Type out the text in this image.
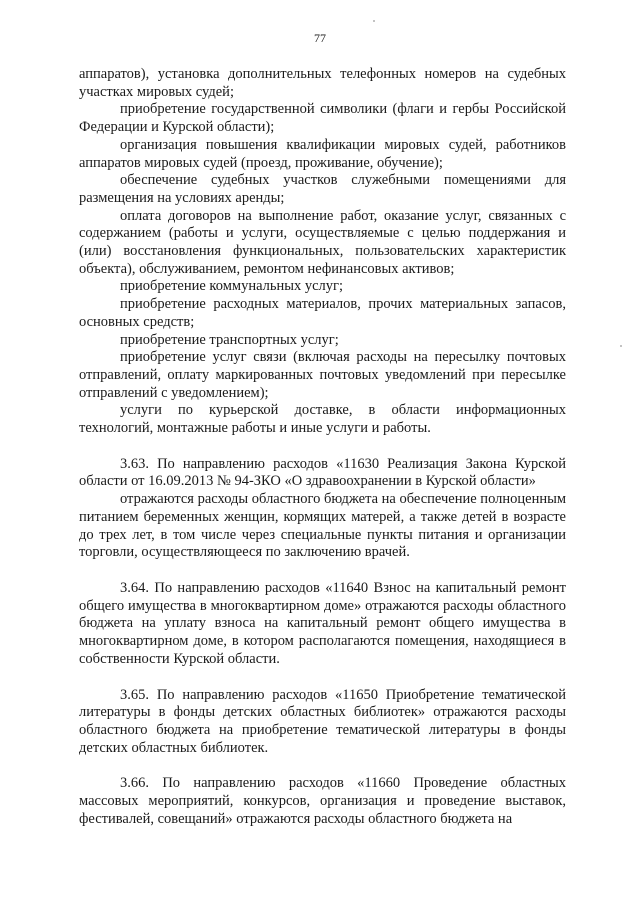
77

аппаратов), установка дополнительных телефонных номеров на судебных участках мировых судей;

приобретение государственной символики (флаги и гербы Российской Федерации и Курской области);

организация повышения квалификации мировых судей, работников аппаратов мировых судей (проезд, проживание, обучение);

обеспечение судебных участков служебными помещениями для размещения на условиях аренды;

оплата договоров на выполнение работ, оказание услуг, связанных с содержанием (работы и услуги, осуществляемые с целью поддержания и (или) восстановления функциональных, пользовательских характеристик объекта), обслуживанием, ремонтом нефинансовых активов;

приобретение коммунальных услуг;

приобретение расходных материалов, прочих материальных запасов, основных средств;

приобретение транспортных услуг;

приобретение услуг связи (включая расходы на пересылку почтовых отправлений, оплату маркированных почтовых уведомлений при пересылке отправлений с уведомлением);

услуги по курьерской доставке, в области информационных технологий, монтажные работы и иные услуги и работы.

3.63. По направлению расходов «11630 Реализация Закона Курской области от 16.09.2013 № 94-ЗКО «О здравоохранении в Курской области»

отражаются расходы областного бюджета на обеспечение полноценным питанием беременных женщин, кормящих матерей, а также детей в возрасте до трех лет, в том числе через специальные пункты питания и организации торговли, осуществляющееся по заключению врачей.

3.64. По направлению расходов «11640 Взнос на капитальный ремонт общего имущества в многоквартирном доме» отражаются расходы областного бюджета на уплату взноса на капитальный ремонт общего имущества в многоквартирном доме, в котором располагаются помещения, находящиеся в собственности Курской области.

3.65. По направлению расходов «11650 Приобретение тематической литературы в фонды детских областных библиотек» отражаются расходы областного бюджета на приобретение тематической литературы в фонды детских областных библиотек.

3.66. По направлению расходов «11660 Проведение областных массовых мероприятий, конкурсов, организация и проведение выставок, фестивалей, совещаний» отражаются расходы областного бюджета на
